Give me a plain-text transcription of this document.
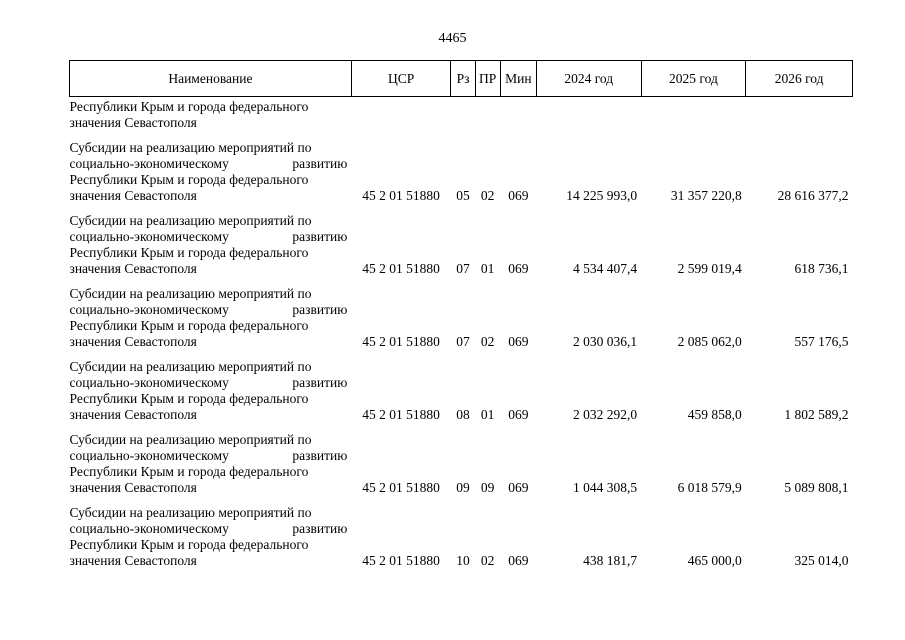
4465
Наименование	ЦСР	Рз	ПР	Мин	2024 год	2025 год	2026 год

Республики Крым и города федерального
значения Севастополя							

Субсидии на реализацию мероприятий по
социально-экономическому развитию
Республики Крым и города федерального
значения Севастополя	45 2 01 51880	05	02	069	14 225 993,0	31 357 220,8	28 616 377,2

Субсидии на реализацию мероприятий по
социально-экономическому развитию
Республики Крым и города федерального
значения Севастополя	45 2 01 51880	07	01	069	4 534 407,4	2 599 019,4	618 736,1

Субсидии на реализацию мероприятий по
социально-экономическому развитию
Республики Крым и города федерального
значения Севастополя	45 2 01 51880	07	02	069	2 030 036,1	2 085 062,0	557 176,5

Субсидии на реализацию мероприятий по
социально-экономическому развитию
Республики Крым и города федерального
значения Севастополя	45 2 01 51880	08	01	069	2 032 292,0	459 858,0	1 802 589,2

Субсидии на реализацию мероприятий по
социально-экономическому развитию
Республики Крым и города федерального
значения Севастополя	45 2 01 51880	09	09	069	1 044 308,5	6 018 579,9	5 089 808,1

Субсидии на реализацию мероприятий по
социально-экономическому развитию
Республики Крым и города федерального
значения Севастополя	45 2 01 51880	10	02	069	438 181,7	465 000,0	325 014,0
